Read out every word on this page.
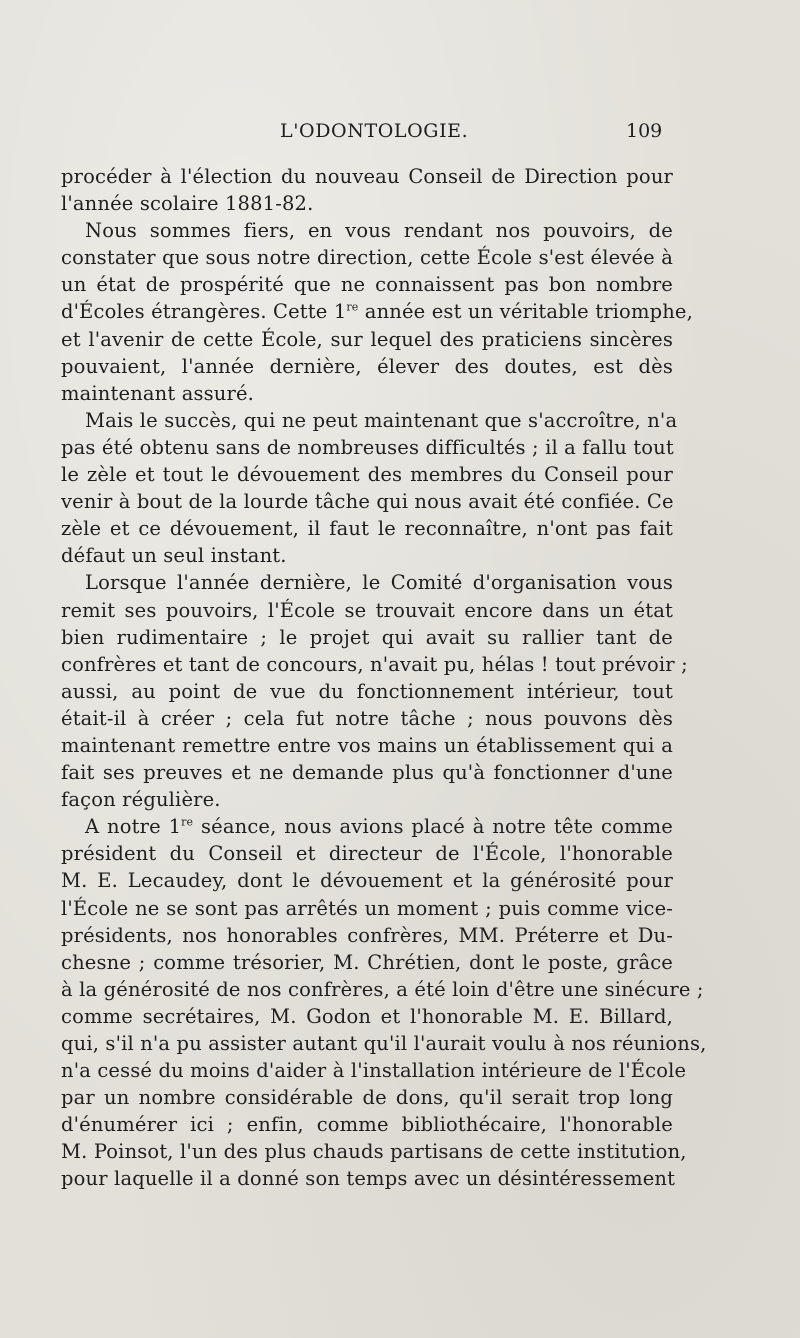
L'ODONTOLOGIE.	109
procéder à l'élection du nouveau Conseil de Direction pour
l'année scolaire 1881-82.
Nous sommes fiers, en vous rendant nos pouvoirs, de
constater que sous notre direction, cette École s'est élevée à
un état de prospérité que ne connaissent pas bon nombre
d'Écoles étrangères. Cette 1re année est un véritable triomphe,
et l'avenir de cette École, sur lequel des praticiens sincères
pouvaient, l'année dernière, élever des doutes, est dès
maintenant assuré.
Mais le succès, qui ne peut maintenant que s'accroître, n'a
pas été obtenu sans de nombreuses difficultés ; il a fallu tout
le zèle et tout le dévouement des membres du Conseil pour
venir à bout de la lourde tâche qui nous avait été confiée. Ce
zèle et ce dévouement, il faut le reconnaître, n'ont pas fait
défaut un seul instant.
Lorsque l'année dernière, le Comité d'organisation vous
remit ses pouvoirs, l'École se trouvait encore dans un état
bien rudimentaire ; le projet qui avait su rallier tant de
confrères et tant de concours, n'avait pu, hélas ! tout prévoir ;
aussi, au point de vue du fonctionnement intérieur, tout
était-il à créer ; cela fut notre tâche ; nous pouvons dès
maintenant remettre entre vos mains un établissement qui a
fait ses preuves et ne demande plus qu'à fonctionner d'une
façon régulière.
A notre 1re séance, nous avions placé à notre tête comme
président du Conseil et directeur de l'École, l'honorable
M. E. Lecaudey, dont le dévouement et la générosité pour
l'École ne se sont pas arrêtés un moment ; puis comme vice-
présidents, nos honorables confrères, MM. Préterre et Du-
chesne ; comme trésorier, M. Chrétien, dont le poste, grâce
à la générosité de nos confrères, a été loin d'être une sinécure ;
comme secrétaires, M. Godon et l'honorable M. E. Billard,
qui, s'il n'a pu assister autant qu'il l'aurait voulu à nos réunions,
n'a cessé du moins d'aider à l'installation intérieure de l'École
par un nombre considérable de dons, qu'il serait trop long
d'énumérer ici ; enfin, comme bibliothécaire, l'honorable
M. Poinsot, l'un des plus chauds partisans de cette institution,
pour laquelle il a donné son temps avec un désintéressement
